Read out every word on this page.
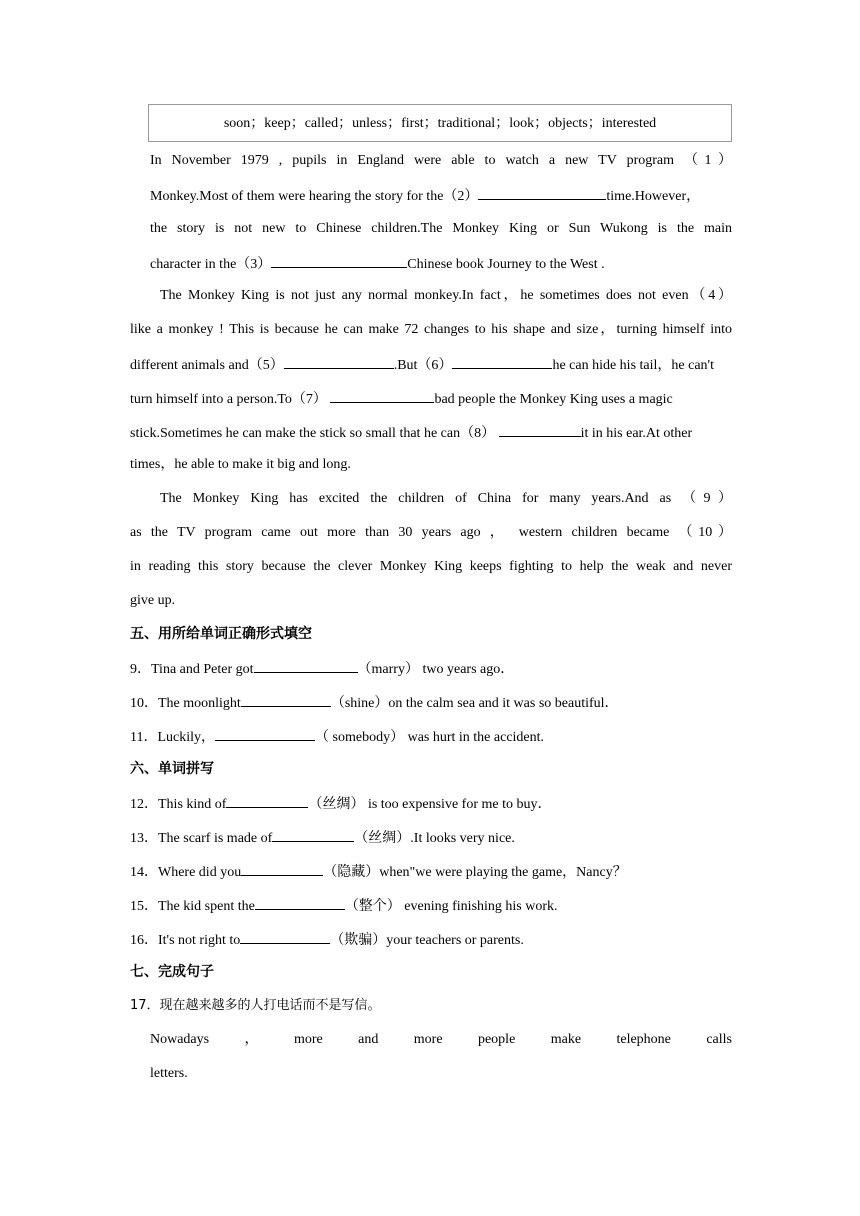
soon；keep；called；unless；first；traditional；look；objects；interested
In November 1979 , pupils in England were able to watch a new TV program （1）
Monkey.Most of them were hearing the story for the（2）	time.However，
the story is not new to Chinese children.The Monkey King or Sun Wukong is the main
character in the（3）	Chinese book Journey to the West .
The Monkey King is not just any normal monkey.In fact，he sometimes does not even（4）
like a monkey ! This is because he can make 72 changes to his shape and size，turning himself into
different animals and（5）	.But（6）	he can hide his tail，he can't
turn himself into a person.To（7）	bad people the Monkey King uses a magic
stick.Sometimes he can make the stick so small that he can（8）	it in his ear.At other
times，he able to make it big and long.
The Monkey King has excited the children of China for many years.And as （9）
as the TV program came out more than 30 years ago ， western children became （10）
in reading this story because the clever Monkey King keeps fighting to help the weak and never
give up.
五、用所给单词正确形式填空
9．Tina and Peter got	（marry） two years ago．
10．The moonlight	（shine）on the calm sea and it was so beautiful．
11．Luckily，	（ somebody） was hurt in the accident.
六、单词拼写
12．This kind of	（丝绸） is too expensive for me to buy．
13．The scarf is made of	（丝绸）.It looks very nice.
14．Where did you	（隐藏）when"we were playing the game，Nancy？
15．The kid spent the	（整个） evening finishing his work.
16．It's not right to	（欺骗）your teachers or parents.
七、完成句子
17．现在越来越多的人打电话而不是写信。
Nowadays	，	more	and	more	people	make	telephone	calls
letters.
